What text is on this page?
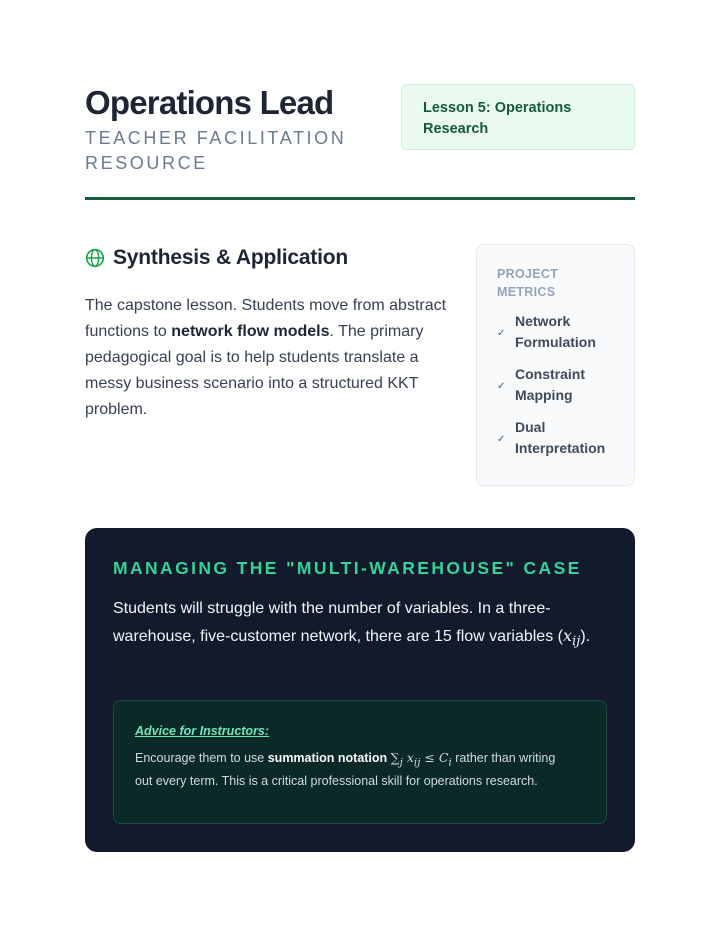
Operations Lead
TEACHER FACILITATION RESOURCE
Lesson 5: Operations Research
Synthesis & Application

The capstone lesson. Students move from abstract functions to network flow models. The primary pedagogical goal is to help students translate a messy business scenario into a structured KKT problem.

PROJECT METRICS
✓
Network Formulation
✓
Constraint Mapping
✓
Dual Interpretation
MANAGING THE "MULTI-WAREHOUSE" CASE

Students will struggle with the number of variables. In a three-warehouse, five-customer network, there are 15 flow variables $(x_{ij})$.

Advice for Instructors:

Encourage them to use summation notation $\sum_j$ $x_{ij} \le C_i$ rather than writing out every term. This is a critical professional skill for operations research.
